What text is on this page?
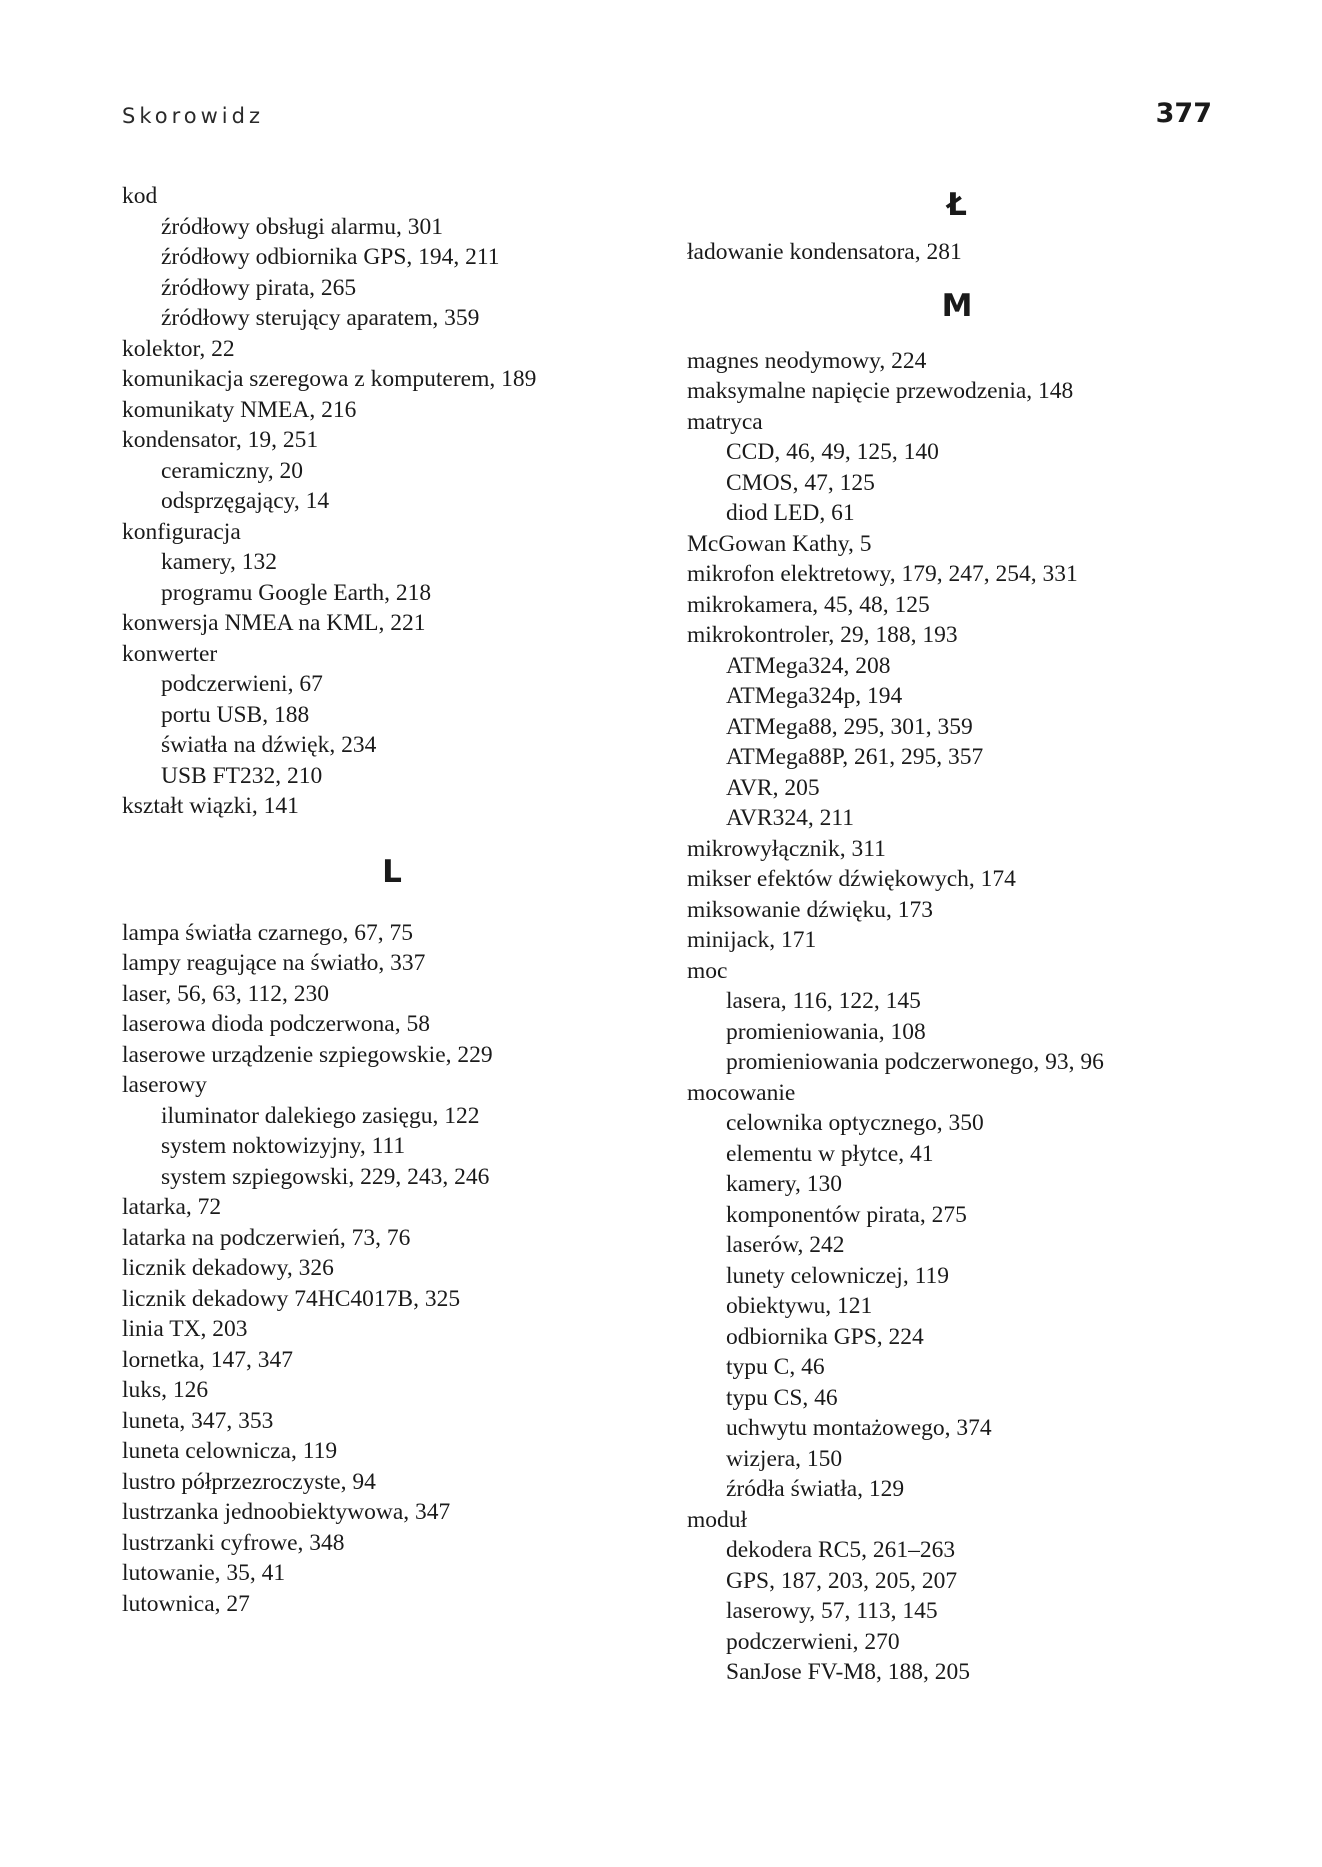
Skorowidz	377
kod
źródłowy obsługi alarmu, 301
źródłowy odbiornika GPS, 194, 211
źródłowy pirata, 265
źródłowy sterujący aparatem, 359
kolektor, 22
komunikacja szeregowa z komputerem, 189
komunikaty NMEA, 216
kondensator, 19, 251
ceramiczny, 20
odsprzęgający, 14
konfiguracja
kamery, 132
programu Google Earth, 218
konwersja NMEA na KML, 221
konwerter
podczerwieni, 67
portu USB, 188
światła na dźwięk, 234
USB FT232, 210
kształt wiązki, 141
L
lampa światła czarnego, 67, 75
lampy reagujące na światło, 337
laser, 56, 63, 112, 230
laserowa dioda podczerwona, 58
laserowe urządzenie szpiegowskie, 229
laserowy
iluminator dalekiego zasięgu, 122
system noktowizyjny, 111
system szpiegowski, 229, 243, 246
latarka, 72
latarka na podczerwień, 73, 76
licznik dekadowy, 326
licznik dekadowy 74HC4017B, 325
linia TX, 203
lornetka, 147, 347
luks, 126
luneta, 347, 353
luneta celownicza, 119
lustro półprzezroczyste, 94
lustrzanka jednoobiektywowa, 347
lustrzanki cyfrowe, 348
lutowanie, 35, 41
lutownica, 27
Ł
ładowanie kondensatora, 281
M
magnes neodymowy, 224
maksymalne napięcie przewodzenia, 148
matryca
CCD, 46, 49, 125, 140
CMOS, 47, 125
diod LED, 61
McGowan Kathy, 5
mikrofon elektretowy, 179, 247, 254, 331
mikrokamera, 45, 48, 125
mikrokontroler, 29, 188, 193
ATMega324, 208
ATMega324p, 194
ATMega88, 295, 301, 359
ATMega88P, 261, 295, 357
AVR, 205
AVR324, 211
mikrowyłącznik, 311
mikser efektów dźwiękowych, 174
miksowanie dźwięku, 173
minijack, 171
moc
lasera, 116, 122, 145
promieniowania, 108
promieniowania podczerwonego, 93, 96
mocowanie
celownika optycznego, 350
elementu w płytce, 41
kamery, 130
komponentów pirata, 275
laserów, 242
lunety celowniczej, 119
obiektywu, 121
odbiornika GPS, 224
typu C, 46
typu CS, 46
uchwytu montażowego, 374
wizjera, 150
źródła światła, 129
moduł
dekodera RC5, 261–263
GPS, 187, 203, 205, 207
laserowy, 57, 113, 145
podczerwieni, 270
SanJose FV-M8, 188, 205
